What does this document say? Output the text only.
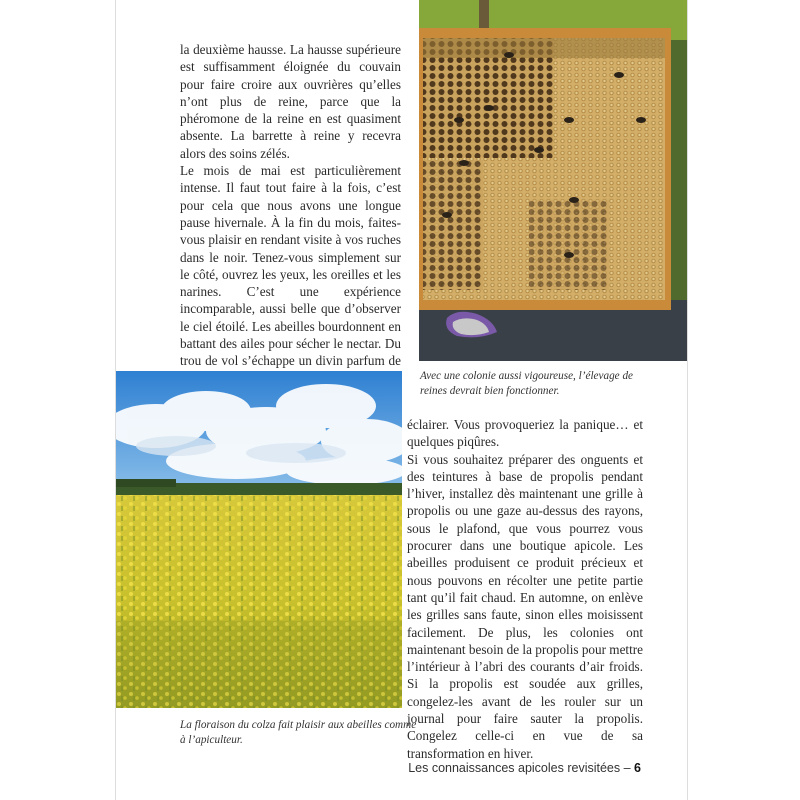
la deuxième hausse. La hausse supérieure est suffisamment éloignée du couvain pour faire croire aux ouvrières qu’elles n’ont plus de reine, parce que la phéromone de la reine en est quasiment absente. La barrette à reine y recevra alors des soins zélés.

Le mois de mai est particulièrement intense. Il faut tout faire à la fois, c’est pour cela que nous avons une longue pause hivernale. À la fin du mois, faites-vous plaisir en rendant visite à vos ruches dans le noir. Tenez-vous simplement sur le côté, ouvrez les yeux, les oreilles et les narines. C’est une expérience incomparable, aussi belle que d’observer le ciel étoilé. Les abeilles bourdonnent en battant des ailes pour sécher le nectar. Du trou de vol s’échappe un divin parfum de

Avec une colonie aussi vigoureuse, l’élevage de reines devrait bien fonctionner.
La floraison du colza fait plaisir aux abeilles comme à l’apiculteur.

éclairer. Vous provoqueriez la panique… et quelques piqûres.

Si vous souhaitez préparer des onguents et des teintures à base de propolis pendant l’hiver, installez dès maintenant une grille à propolis ou une gaze au-dessus des rayons, sous le plafond, que vous pourrez vous procurer dans une boutique apicole. Les abeilles produisent ce produit précieux et nous pouvons en récolter une petite partie tant qu’il fait chaud. En automne, on enlève les grilles sans faute, sinon elles moisissent facilement. De plus, les colonies ont maintenant besoin de la propolis pour mettre l’intérieur à l’abri des courants d’air froids. Si la propolis est soudée aux grilles, congelez-les avant de les rouler sur un journal pour faire sauter la propolis. Congelez celle-ci en vue de sa transformation en hiver.

Les connaissances apicoles revisitées – 6
